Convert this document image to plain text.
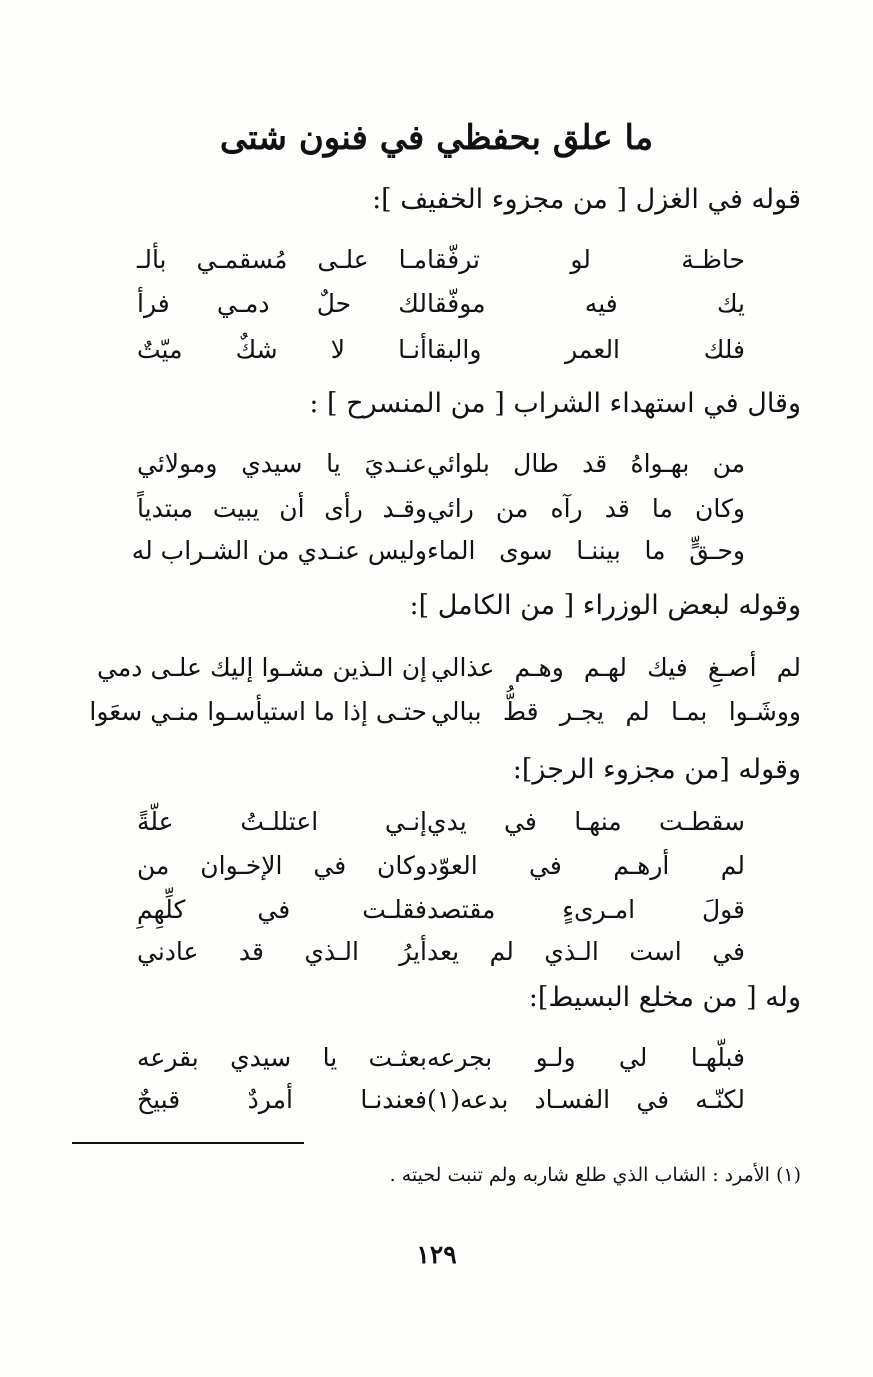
ما علق بحفظي في فنون شتى
قوله في الغزل [ من مجزوء الخفيف ]:
مـا علـى مُسقمـي بألـ حاظـة لو ترفّقا
لك حلٌ دمـي فرأ يك فيه موفّقا
أنـا لا شكٌ ميّتٌ فلك العمر والبقا
وقال في استهداء الشراب [ من المنسرح ] :
عنـديَ يا سيدي ومولائي من بهـواهُ قد طال بلوائي
وقـد رأى أن يبيت مبتدياً وكان ما قد رآه من رائي
وليس عنـدي من الشـراب له وحـقٍّ ما بيننـا سوى الماء
وقوله لبعض الوزراء [ من الكامل ]:
إن الـذين مشـوا إليك علـى دمي لم أصـغِ فيك لهـم وهـم عذالي
حتـى إذا ما استيأسـوا منـي سعَوا ووشَـوا بمـا لم يجـر قطُّ ببالي
وقوله [من مجزوء الرجز]:
إنـي اعتللـتُ علّةً سقطـت منهـا في يدي
وكان في الإخـوان من لم أرهـم في العوّد
فقلـت في كلِّهِمِ قولَ امـرىءٍ مقتصد
أيرُ الـذي قد عادني في است الـذي لم يعد
وله [ من مخلع البسيط]:
بعثـت يا سيدي بقرعه فبلّهـا لي ولـو بجرعه
فعندنـا أمردٌ قبيحٌ لكنّـه في الفسـاد بدعه(١)
(١) الأمرد : الشاب الذي طلع شاربه ولم تنبت لحيته .
١٢٩
